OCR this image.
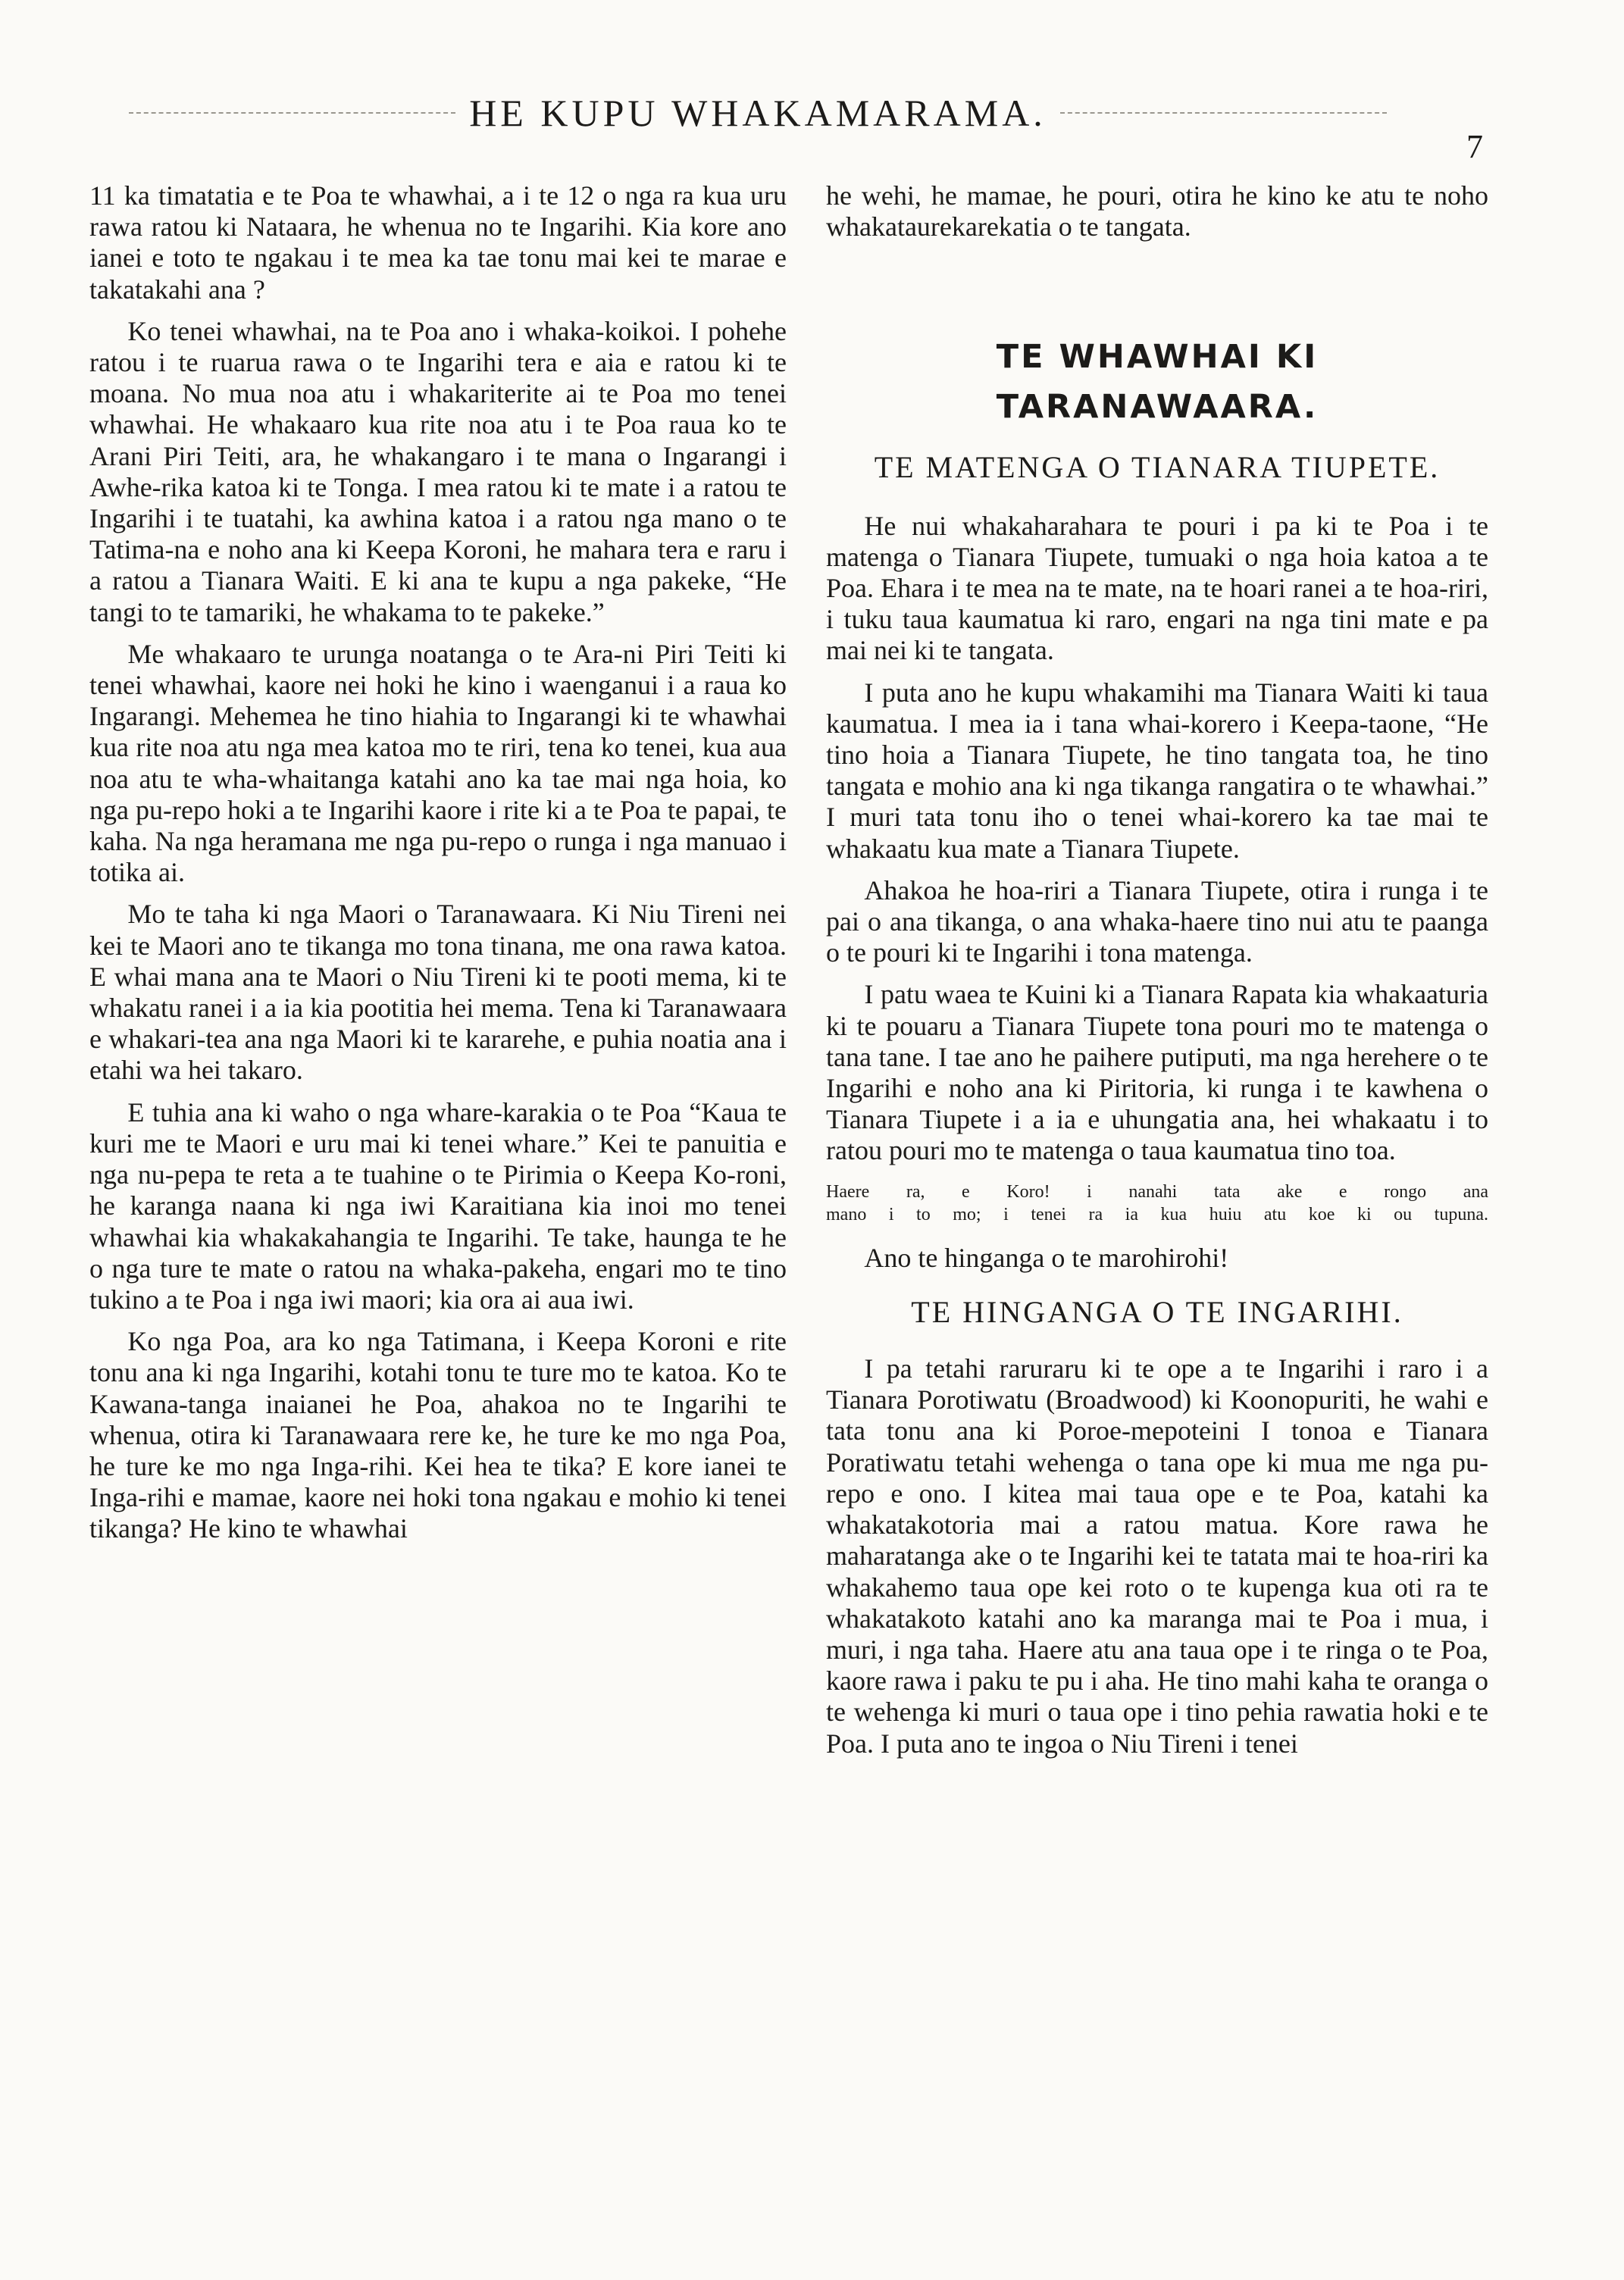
HE KUPU WHAKAMARAMA.
7

11 ka timatatia e te Poa te whawhai, a i te 12 o nga ra kua uru rawa ratou ki Nataara, he whenua no te Ingarihi. Kia kore ano ianei e toto te ngakau i te mea ka tae tonu mai kei te marae e takatakahi ana ?

Ko tenei whawhai, na te Poa ano i whaka-koikoi. I pohehe ratou i te ruarua rawa o te Ingarihi tera e aia e ratou ki te moana. No mua noa atu i whakariterite ai te Poa mo tenei whawhai. He whakaaro kua rite noa atu i te Poa raua ko te Arani Piri Teiti, ara, he whakangaro i te mana o Ingarangi i Awhe-rika katoa ki te Tonga. I mea ratou ki te mate i a ratou te Ingarihi i te tuatahi, ka awhina katoa i a ratou nga mano o te Tatima-na e noho ana ki Keepa Koroni, he mahara tera e raru i a ratou a Tianara Waiti. E ki ana te kupu a nga pakeke, “He tangi to te tamariki, he whakama to te pakeke.”

Me whakaaro te urunga noatanga o te Ara-ni Piri Teiti ki tenei whawhai, kaore nei hoki he kino i waenganui i a raua ko Ingarangi. Mehemea he tino hiahia to Ingarangi ki te whawhai kua rite noa atu nga mea katoa mo te riri, tena ko tenei, kua aua noa atu te wha-whaitanga katahi ano ka tae mai nga hoia, ko nga pu-repo hoki a te Ingarihi kaore i rite ki a te Poa te papai, te kaha. Na nga heramana me nga pu-repo o runga i nga manuao i totika ai.

Mo te taha ki nga Maori o Taranawaara. Ki Niu Tireni nei kei te Maori ano te tikanga mo tona tinana, me ona rawa katoa. E whai mana ana te Maori o Niu Tireni ki te pooti mema, ki te whakatu ranei i a ia kia pootitia hei mema. Tena ki Taranawaara e whakari-tea ana nga Maori ki te kararehe, e puhia noatia ana i etahi wa hei takaro.

E tuhia ana ki waho o nga whare-karakia o te Poa “Kaua te kuri me te Maori e uru mai ki tenei whare.” Kei te panuitia e nga nu-pepa te reta a te tuahine o te Pirimia o Keepa Ko-roni, he karanga naana ki nga iwi Karaitiana kia inoi mo tenei whawhai kia whakakahangia te Ingarihi. Te take, haunga te he o nga ture te mate o ratou na whaka-pakeha, engari mo te tino tukino a te Poa i nga iwi maori; kia ora ai aua iwi.

Ko nga Poa, ara ko nga Tatimana, i Keepa Koroni e rite tonu ana ki nga Ingarihi, kotahi tonu te ture mo te katoa. Ko te Kawana-tanga inaianei he Poa, ahakoa no te Ingarihi te whenua, otira ki Taranawaara rere ke, he ture ke mo nga Poa, he ture ke mo nga Inga-rihi. Kei hea te tika? E kore ianei te Inga-rihi e mamae, kaore nei hoki tona ngakau e mohio ki tenei tikanga? He kino te whawhai

he wehi, he mamae, he pouri, otira he kino ke atu te noho whakataurekarekatia o te tangata.

TE WHAWHAI KI
TARANAWAARA.
TE MATENGA O TIANARA TIUPETE.

He nui whakaharahara te pouri i pa ki te Poa i te matenga o Tianara Tiupete, tumuaki o nga hoia katoa a te Poa. Ehara i te mea na te mate, na te hoari ranei a te hoa-riri, i tuku taua kaumatua ki raro, engari na nga tini mate e pa mai nei ki te tangata.

I puta ano he kupu whakamihi ma Tianara Waiti ki taua kaumatua. I mea ia i tana whai-korero i Keepa-taone, “He tino hoia a Tianara Tiupete, he tino tangata toa, he tino tangata e mohio ana ki nga tikanga rangatira o te whawhai.” I muri tata tonu iho o tenei whai-korero ka tae mai te whakaatu kua mate a Tianara Tiupete.

Ahakoa he hoa-riri a Tianara Tiupete, otira i runga i te pai o ana tikanga, o ana whaka-haere tino nui atu te paanga o te pouri ki te Ingarihi i tona matenga.

I patu waea te Kuini ki a Tianara Rapata kia whakaaturia ki te pouaru a Tianara Tiupete tona pouri mo te matenga o tana tane. I tae ano he paihere putiputi, ma nga herehere o te Ingarihi e noho ana ki Piritoria, ki runga i te kawhena o Tianara Tiupete i a ia e uhungatia ana, hei whakaatu i to ratou pouri mo te matenga o taua kaumatua tino toa.

Haere ra, e Koro! i nanahi tata ake e rongo ana
mano i to mo; i tenei ra ia kua huiu atu koe ki ou tupuna.

Ano te hinganga o te marohirohi!

TE HINGANGA O TE INGARIHI.

I pa tetahi raruraru ki te ope a te Ingarihi i raro i a Tianara Porotiwatu (Broadwood) ki Koonopuriti, he wahi e tata tonu ana ki Poroe-mepoteini I tonoa e Tianara Poratiwatu tetahi wehenga o tana ope ki mua me nga pu-repo e ono. I kitea mai taua ope e te Poa, katahi ka whakatakotoria mai a ratou matua. Kore rawa he maharatanga ake o te Ingarihi kei te tatata mai te hoa-riri ka whakahemo taua ope kei roto o te kupenga kua oti ra te whakatakoto katahi ano ka maranga mai te Poa i mua, i muri, i nga taha. Haere atu ana taua ope i te ringa o te Poa, kaore rawa i paku te pu i aha. He tino mahi kaha te oranga o te wehenga ki muri o taua ope i tino pehia rawatia hoki e te Poa. I puta ano te ingoa o Niu Tireni i tenei
